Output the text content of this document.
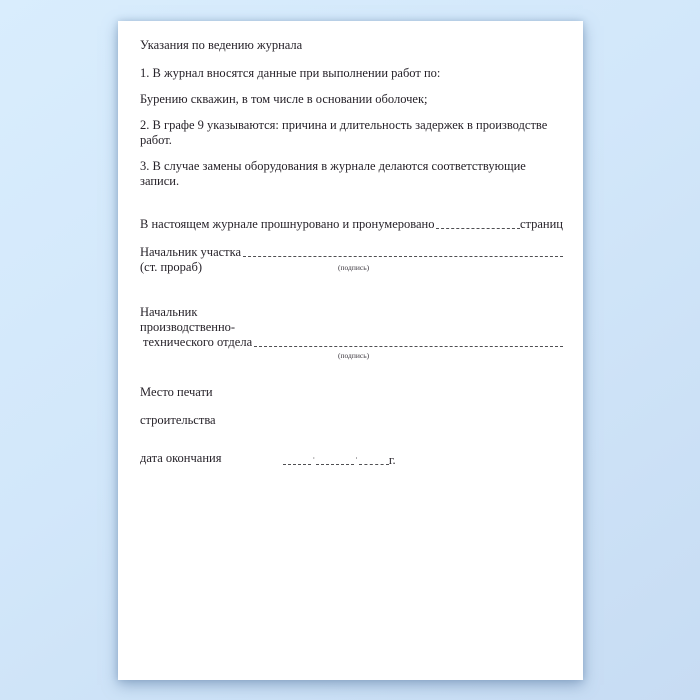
Указания по ведению журнала

1. В журнал вносятся данные при выполнении работ по:

Бурению скважин, в том числе в основании оболочек;

2. В графе 9 указываются: причина и длительность задержек в производстве работ.

3. В случае замены оборудования в журнале делаются соответствующие записи.

В настоящем журнале прошнуровано и пронумеровано	страниц
Начальник участка
(ст. прораб)	(подпись)

Начальник

производственно-

технического отдела
(подпись)

Место печати

строительства

дата окончания	·	· г.
